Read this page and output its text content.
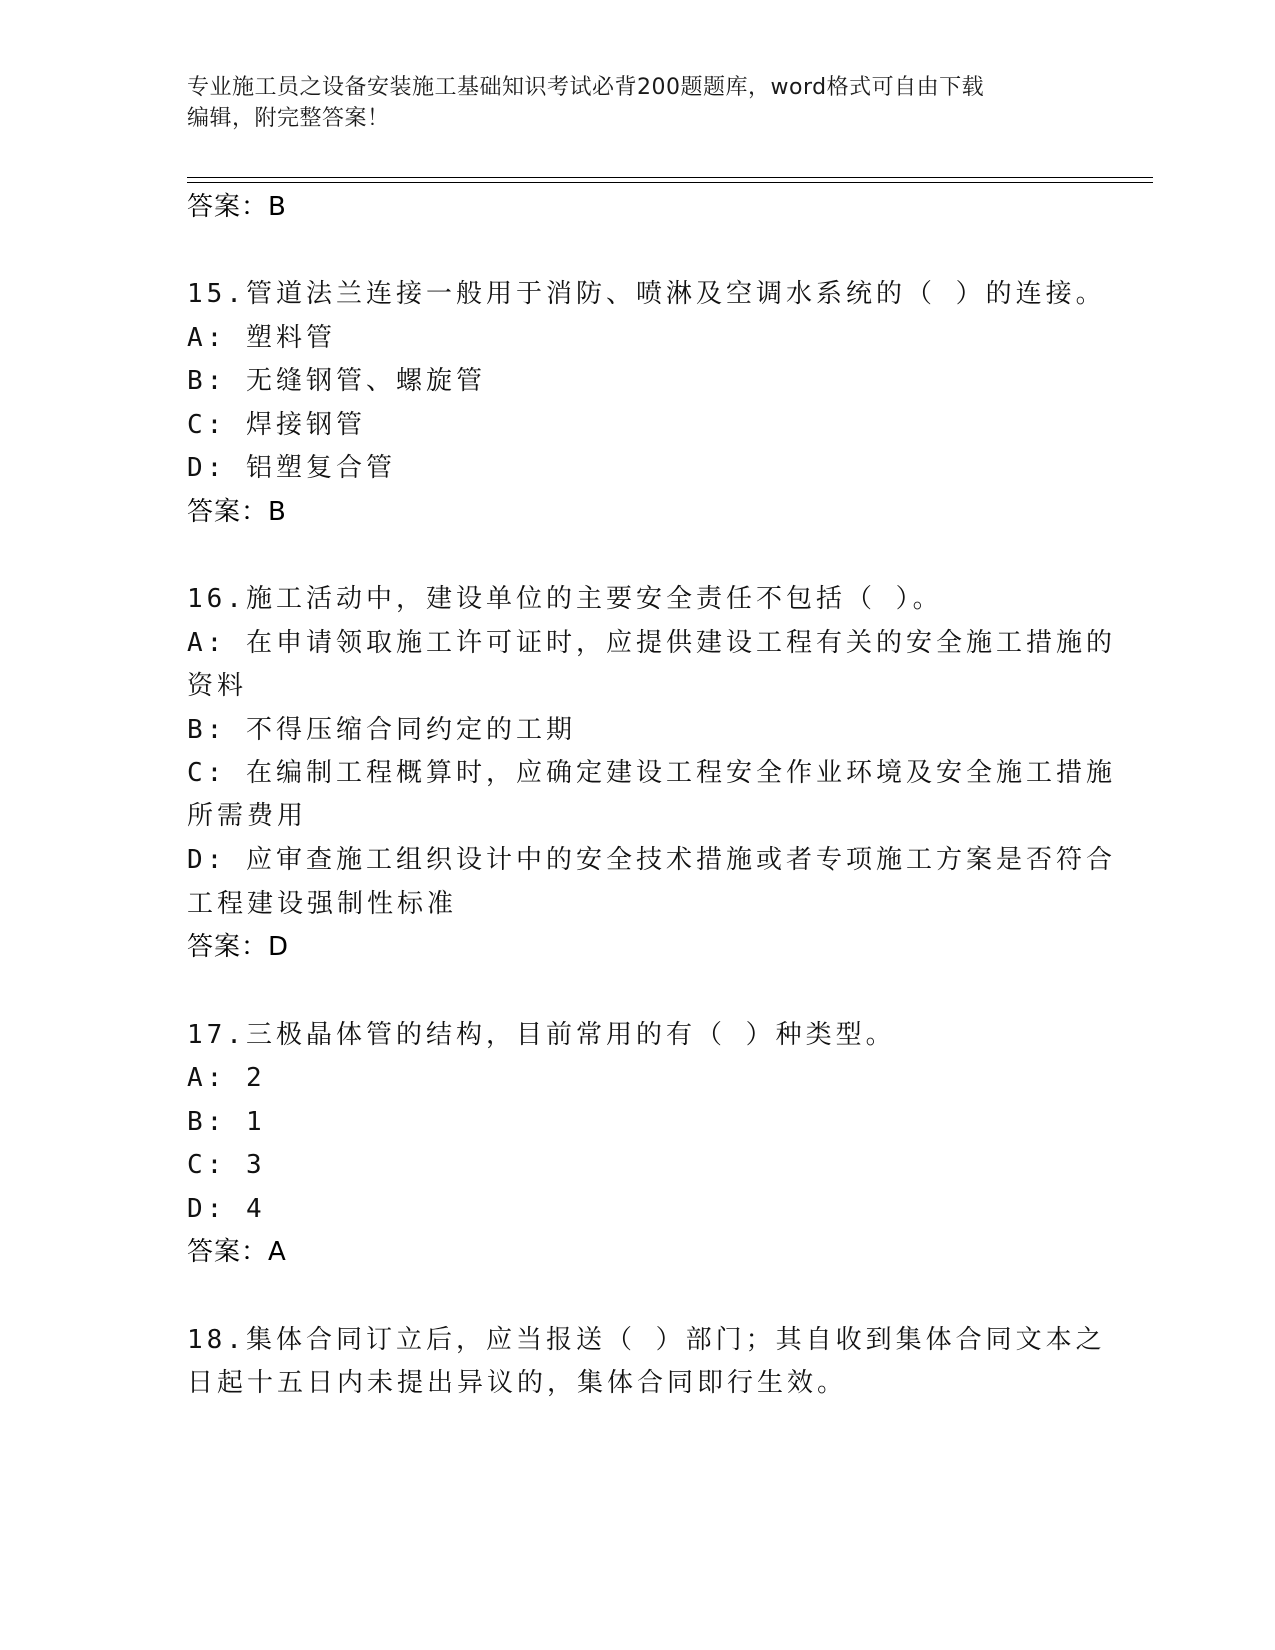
专业施工员之设备安装施工基础知识考试必背200题题库，word格式可自由下载
编辑，附完整答案！
答案：B
15.管道法兰连接一般用于消防、喷淋及空调水系统的（ ）的连接。
A: 塑料管
B: 无缝钢管、螺旋管
C: 焊接钢管
D: 铝塑复合管
答案：B
16.施工活动中，建设单位的主要安全责任不包括（ ）。
A: 在申请领取施工许可证时，应提供建设工程有关的安全施工措施的
资料
B: 不得压缩合同约定的工期
C: 在编制工程概算时，应确定建设工程安全作业环境及安全施工措施
所需费用
D: 应审查施工组织设计中的安全技术措施或者专项施工方案是否符合
工程建设强制性标准
答案：D
17.三极晶体管的结构，目前常用的有（ ）种类型。
A: 2
B: 1
C: 3
D: 4
答案：A
18.集体合同订立后，应当报送（ ）部门；其自收到集体合同文本之
日起十五日内未提出异议的，集体合同即行生效。
